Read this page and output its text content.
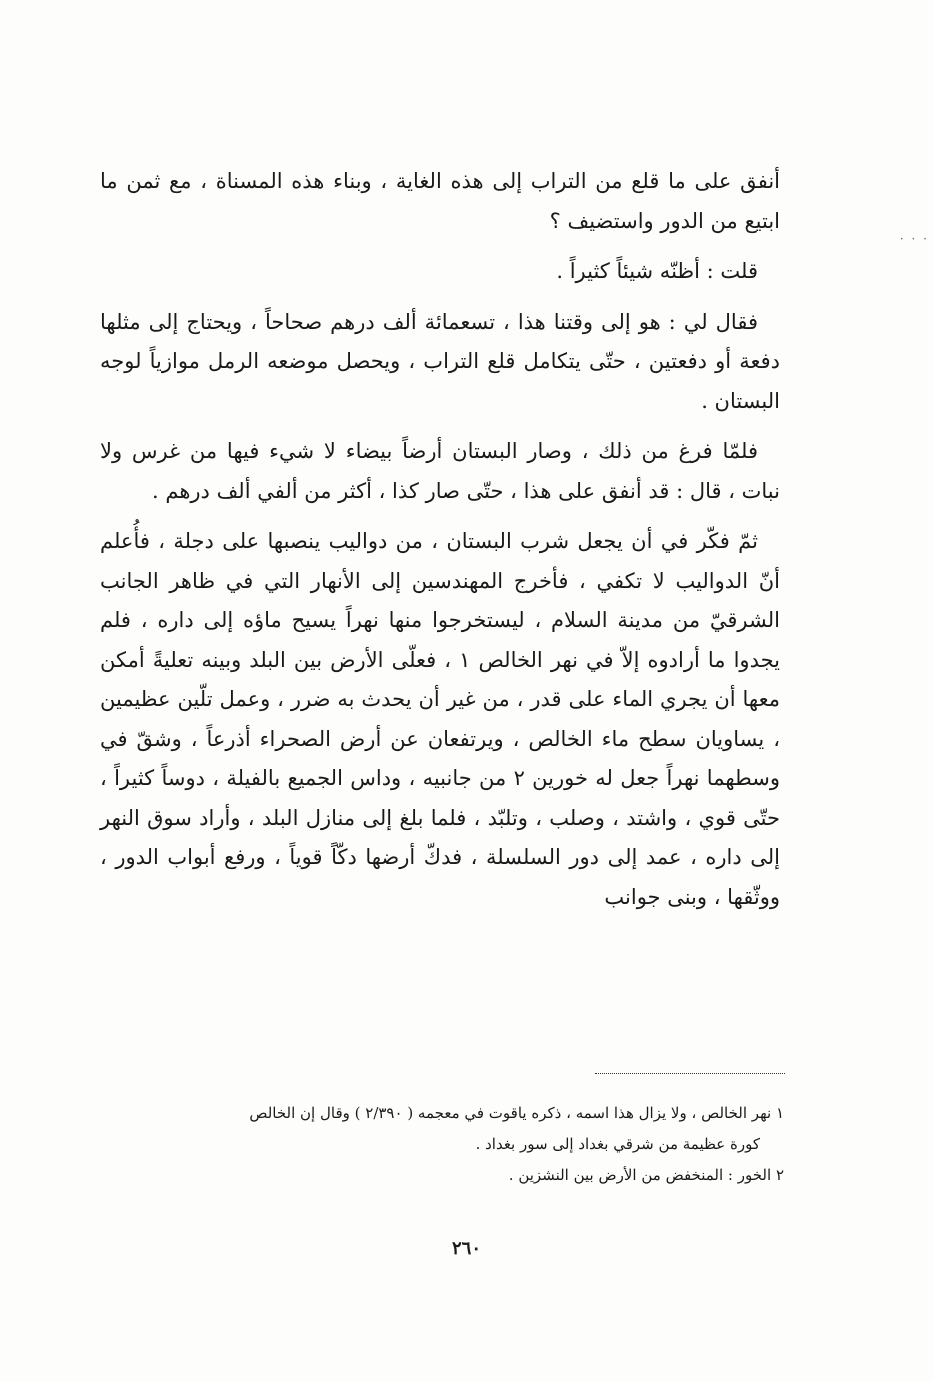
· · ·

أنفق على ما قلع من التراب إلى هذه الغاية ، وبناء هذه المسناة ، مع ثمن ما ابتيع من الدور واستضيف ؟

قلت : أظنّه شيئاً كثيراً .

فقال لي : هو إلى وقتنا هذا ، تسعمائة ألف درهم صحاحاً ، ويحتاج إلى مثلها دفعة أو دفعتين ، حتّى يتكامل قلع التراب ، ويحصل موضعه الرمل موازياً لوجه البستان .

فلمّا فرغ من ذلك ، وصار البستان أرضاً بيضاء لا شيء فيها من غرس ولا نبات ، قال : قد أنفق على هذا ، حتّى صار كذا ، أكثر من ألفي ألف درهم .

ثمّ فكّر في أن يجعل شرب البستان ، من دواليب ينصبها على دجلة ، فأُعلم أنّ الدواليب لا تكفي ، فأخرج المهندسين إلى الأنهار التي في ظاهر الجانب الشرقيّ من مدينة السلام ، ليستخرجوا منها نهراً يسيح ماؤه إلى داره ، فلم يجدوا ما أرادوه إلاّ في نهر الخالص ١ ، فعلّى الأرض بين البلد وبينه تعليةً أمكن معها أن يجري الماء على قدر ، من غير أن يحدث به ضرر ، وعمل تلّين عظيمين ، يساويان سطح ماء الخالص ، ويرتفعان عن أرض الصحراء أذرعاً ، وشقّ في وسطهما نهراً جعل له خورين ٢ من جانبيه ، وداس الجميع بالفيلة ، دوساً كثيراً ، حتّى قوي ، واشتد ، وصلب ، وتلبّد ، فلما بلغ إلى منازل البلد ، وأراد سوق النهر إلى داره ، عمد إلى دور السلسلة ، فدكّ أرضها دكّاً قوياً ، ورفع أبواب الدور ، ووثّقها ، وبنى جوانب

١ نهر الخالص ، ولا يزال هذا اسمه ، ذكره ياقوت في معجمه ( ٢/٣٩٠ ) وقال إن الخالص
كورة عظيمة من شرقي بغداد إلى سور بغداد .
٢ الخور : المنخفض من الأرض بين النشزين .
٢٦٠
